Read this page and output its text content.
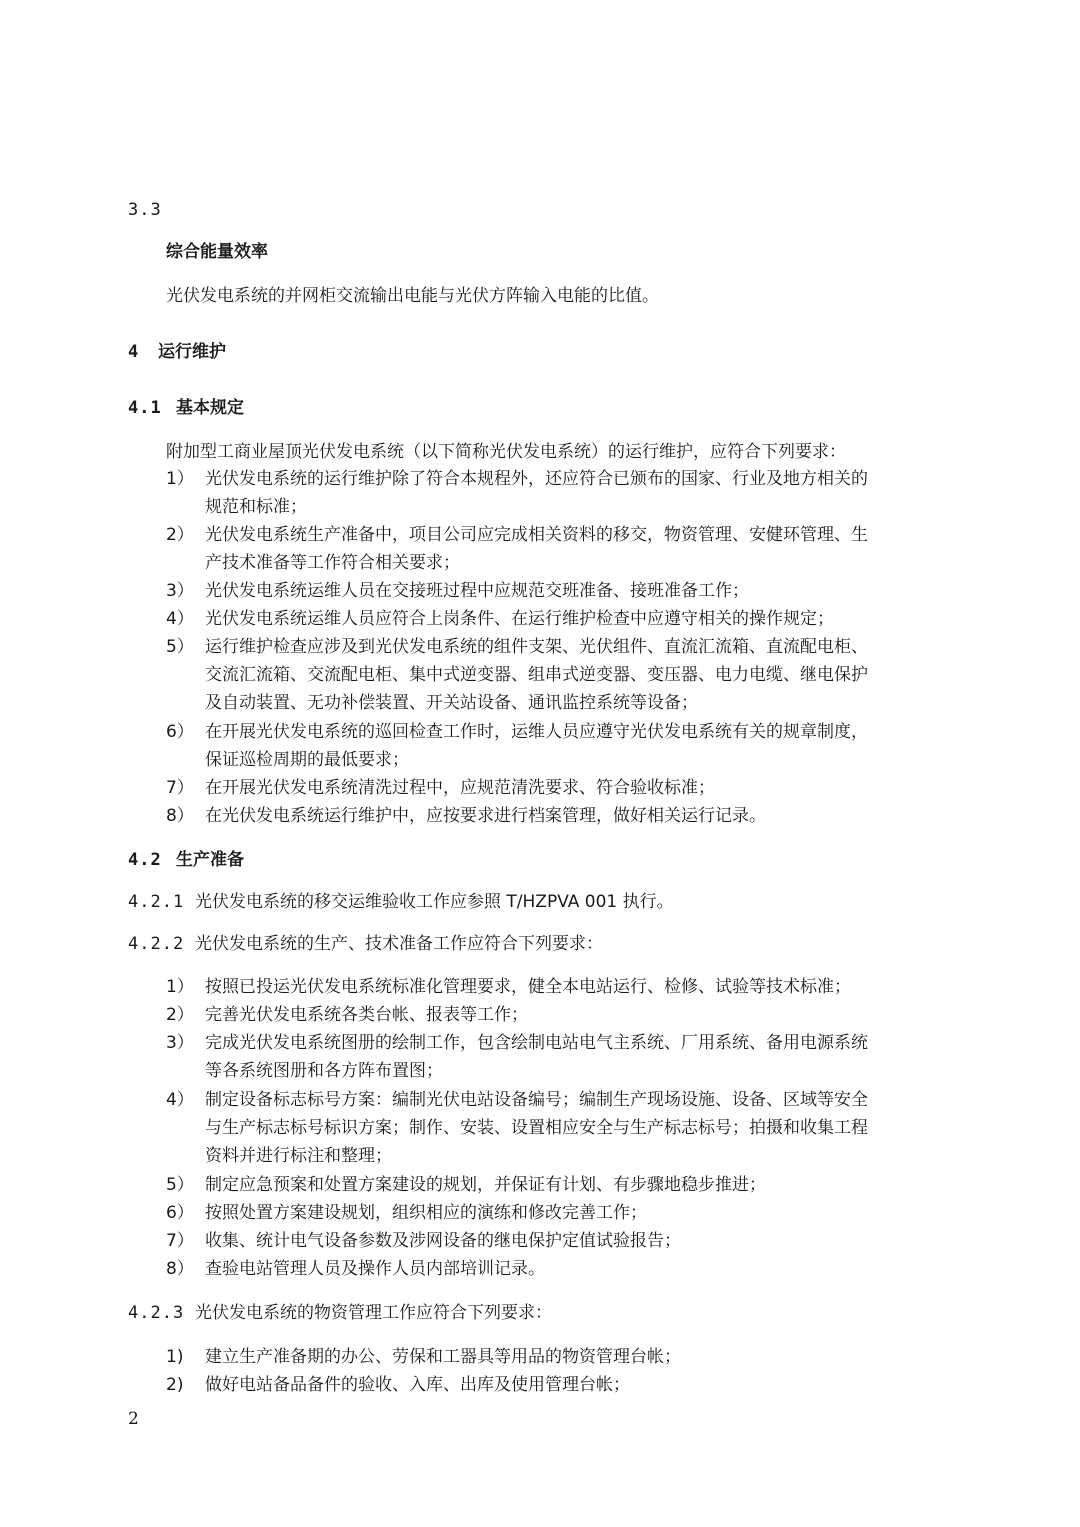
3.3
综合能量效率
光伏发电系统的并网柜交流输出电能与光伏方阵输入电能的比值。
4 运行维护
4.1 基本规定
附加型工商业屋顶光伏发电系统（以下简称光伏发电系统）的运行维护，应符合下列要求：
1） 光伏发电系统的运行维护除了符合本规程外，还应符合已颁布的国家、行业及地方相关的
规范和标准；
2） 光伏发电系统生产准备中，项目公司应完成相关资料的移交，物资管理、安健环管理、生
产技术准备等工作符合相关要求；
3） 光伏发电系统运维人员在交接班过程中应规范交班准备、接班准备工作；
4） 光伏发电系统运维人员应符合上岗条件、在运行维护检查中应遵守相关的操作规定；
5） 运行维护检查应涉及到光伏发电系统的组件支架、光伏组件、直流汇流箱、直流配电柜、
交流汇流箱、交流配电柜、集中式逆变器、组串式逆变器、变压器、电力电缆、继电保护
及自动装置、无功补偿装置、开关站设备、通讯监控系统等设备；
6） 在开展光伏发电系统的巡回检查工作时，运维人员应遵守光伏发电系统有关的规章制度，
保证巡检周期的最低要求；
7） 在开展光伏发电系统清洗过程中，应规范清洗要求、符合验收标准；
8） 在光伏发电系统运行维护中，应按要求进行档案管理，做好相关运行记录。
4.2 生产准备
4.2.1 光伏发电系统的移交运维验收工作应参照 T/HZPVA 001 执行。
4.2.2 光伏发电系统的生产、技术准备工作应符合下列要求：
1） 按照已投运光伏发电系统标准化管理要求，健全本电站运行、检修、试验等技术标准；
2） 完善光伏发电系统各类台帐、报表等工作；
3） 完成光伏发电系统图册的绘制工作，包含绘制电站电气主系统、厂用系统、备用电源系统
等各系统图册和各方阵布置图；
4） 制定设备标志标号方案：编制光伏电站设备编号；编制生产现场设施、设备、区域等安全
与生产标志标号标识方案；制作、安装、设置相应安全与生产标志标号；拍摄和收集工程
资料并进行标注和整理；
5） 制定应急预案和处置方案建设的规划，并保证有计划、有步骤地稳步推进；
6） 按照处置方案建设规划，组织相应的演练和修改完善工作；
7） 收集、统计电气设备参数及涉网设备的继电保护定值试验报告；
8） 查验电站管理人员及操作人员内部培训记录。
4.2.3 光伏发电系统的物资管理工作应符合下列要求：
1) 建立生产准备期的办公、劳保和工器具等用品的物资管理台帐；
2) 做好电站备品备件的验收、入库、出库及使用管理台帐；
2
